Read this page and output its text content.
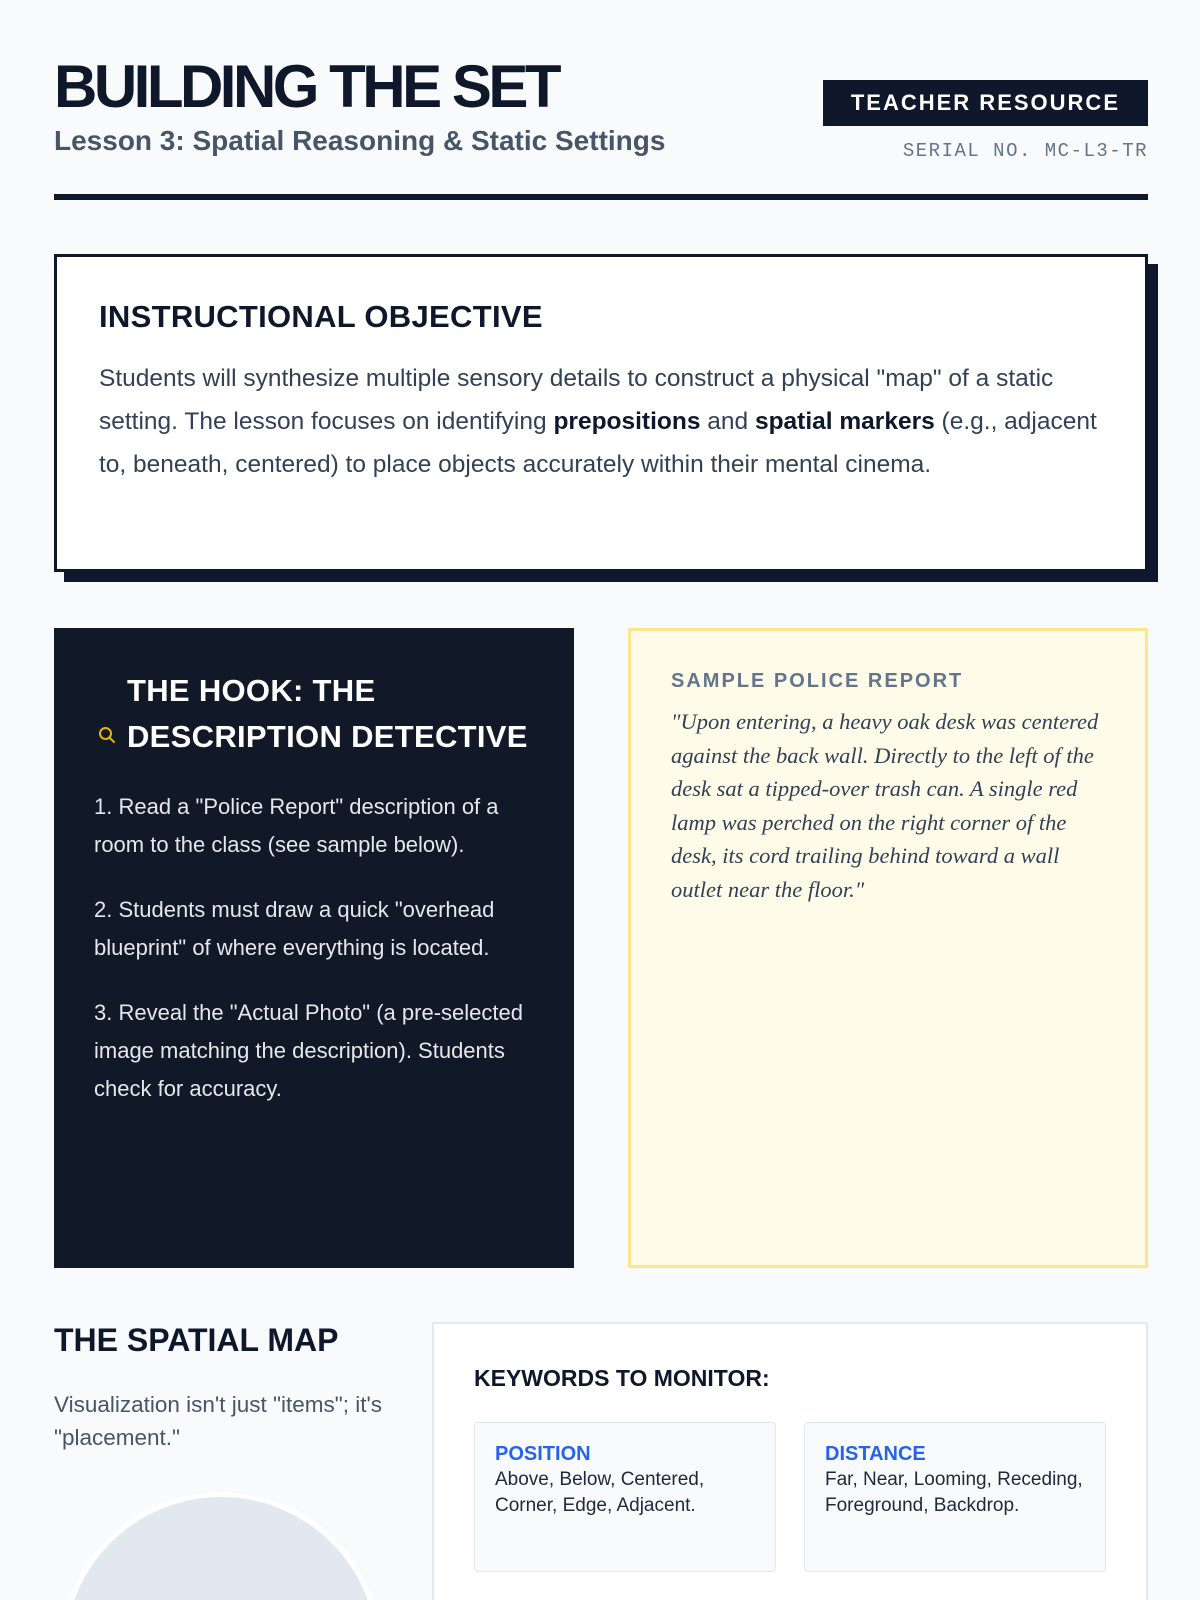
BUILDING THE SET
Lesson 3: Spatial Reasoning & Static Settings
TEACHER RESOURCE
SERIAL NO. MC-L3-TR
INSTRUCTIONAL OBJECTIVE

Students will synthesize multiple sensory details to construct a physical "map" of a static setting. The lesson focuses on identifying prepositions and spatial markers (e.g., adjacent to, beneath, centered) to place objects accurately within their mental cinema.

THE HOOK: THE DESCRIPTION DETECTIVE
1. Read a "Police Report" description of a room to the class (see sample below).
2. Students must draw a quick "overhead blueprint" of where everything is located.
3. Reveal the "Actual Photo" (a pre-selected image matching the description). Students check for accuracy.
SAMPLE POLICE REPORT
"Upon entering, a heavy oak desk was centered against the back wall. Directly to the left of the desk sat a tipped-over trash can. A single red lamp was perched on the right corner of the desk, its cord trailing behind toward a wall outlet near the floor."
THE SPATIAL MAP

Visualization isn't just "items"; it's "placement."

KEYWORDS TO MONITOR:
POSITION
Above, Below, Centered, Corner, Edge, Adjacent.
DISTANCE
Far, Near, Looming, Receding, Foreground, Backdrop.
